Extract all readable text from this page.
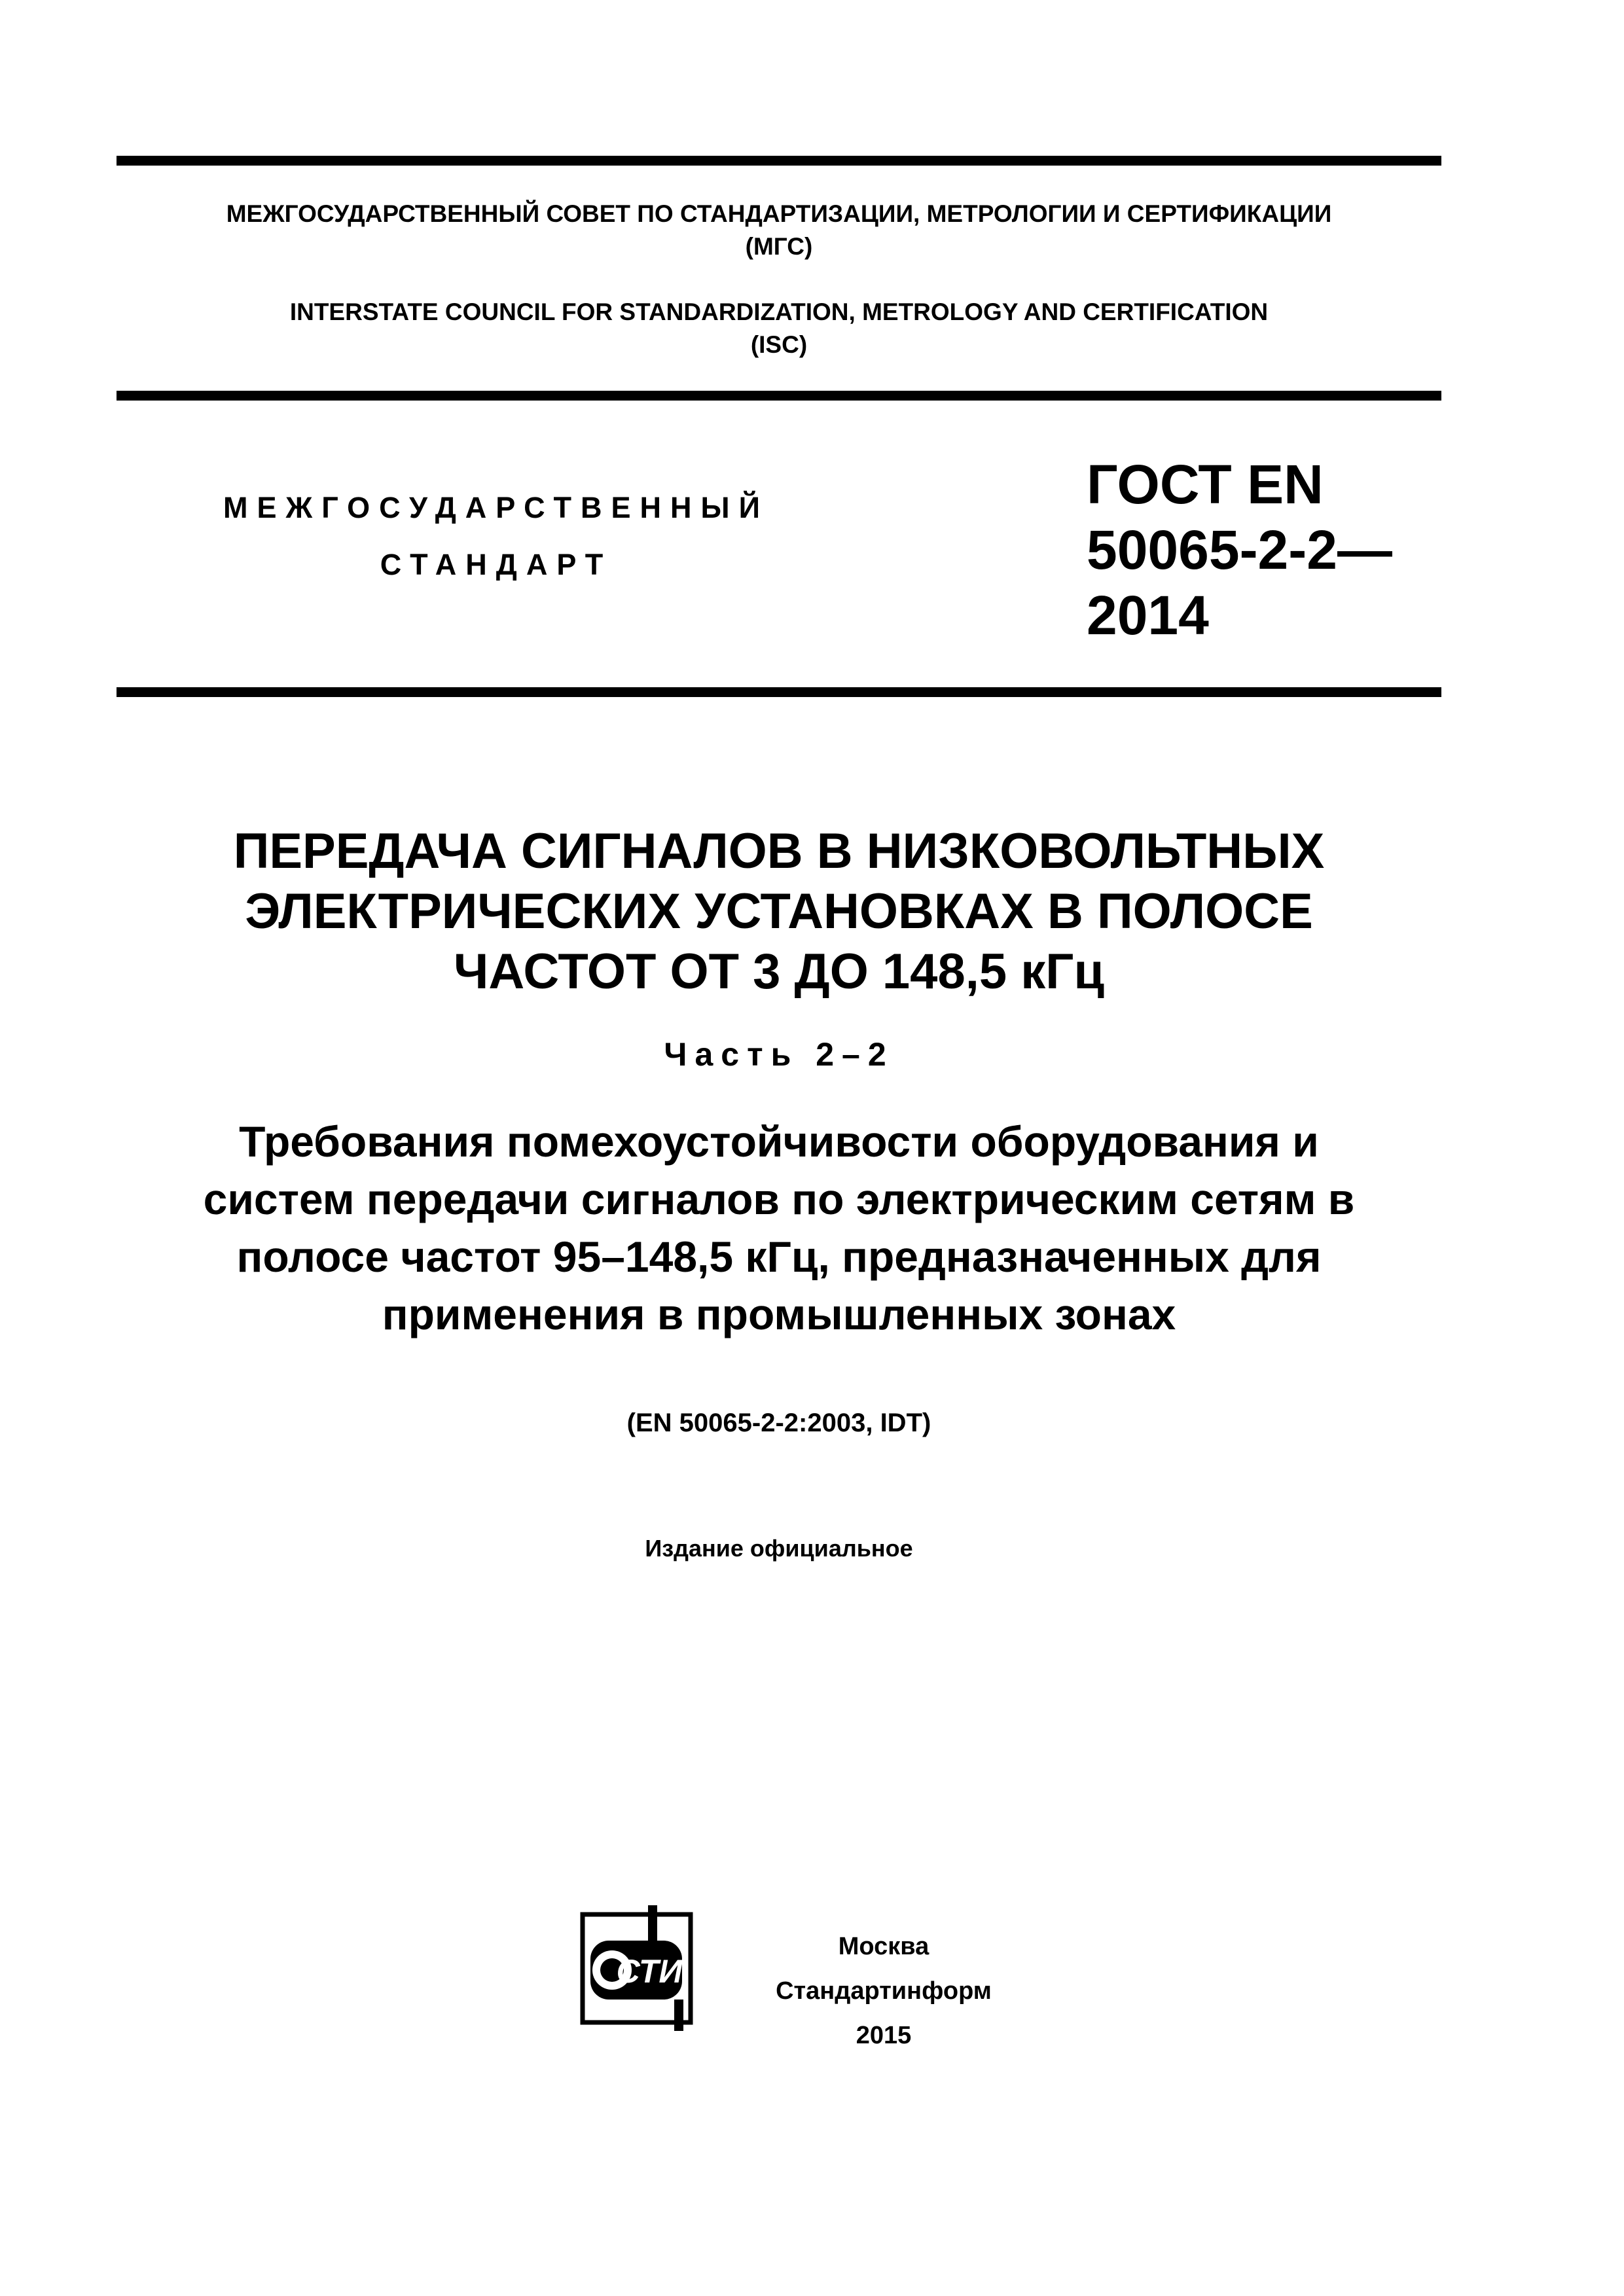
МЕЖГОСУДАРСТВЕННЫЙ СОВЕТ ПО СТАНДАРТИЗАЦИИ, МЕТРОЛОГИИ И СЕРТИФИКАЦИИ
(МГС)
INTERSTATE COUNCIL FOR STANDARDIZATION, METROLOGY AND CERTIFICATION
(ISC)
МЕЖГОСУДАРСТВЕННЫЙ
СТАНДАРТ
ГОСТ EN
50065-2-2—
2014
ПЕРЕДАЧА СИГНАЛОВ В НИЗКОВОЛЬТНЫХ
ЭЛЕКТРИЧЕСКИХ УСТАНОВКАХ В ПОЛОСЕ
ЧАСТОТ ОТ 3 ДО 148,5 кГц
Часть 2–2
Требования помехоустойчивости оборудования и
систем передачи сигналов по электрическим сетям в
полосе частот 95–148,5 кГц, предназначенных для
применения в промышленных зонах
(EN 50065-2-2:2003, IDT)
Издание официальное
СТИ
Москва
Стандартинформ
2015
